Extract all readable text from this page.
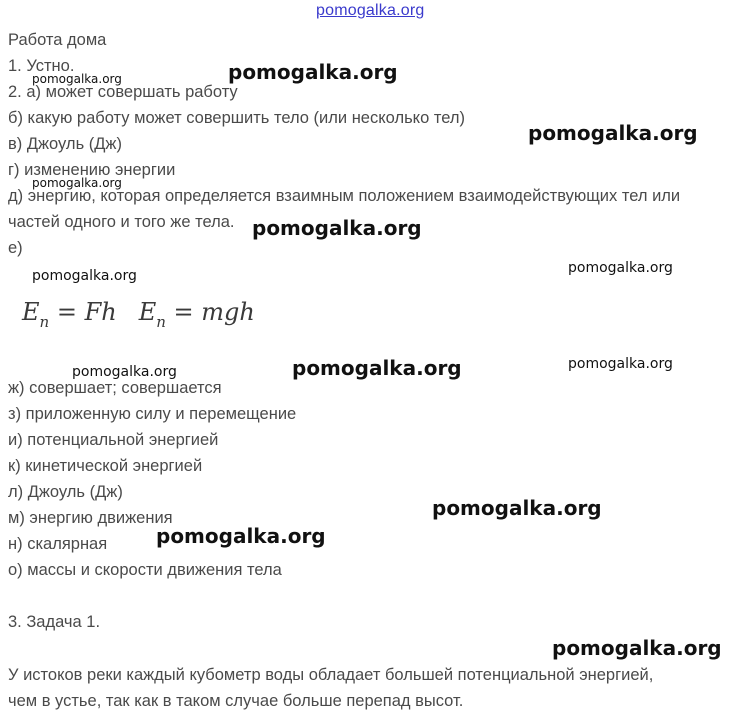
pomogalka.org
Работа дома
1. Устно.
2. а) может совершать работу
б) какую работу может совершить тело (или несколько тел)
в) Джоуль (Дж)
г) изменению энергии
д) энергию, которая определяется взаимным положением взаимодействующих тел или
частей одного и того же тела.
е)
$E_n = Fh$ $E_n$ = mgh
ж) совершает; совершается
з) приложенную силу и перемещение
и) потенциальной энергией
к) кинетической энергией
л) Джоуль (Дж)
м) энергию движения
н) скалярная
о) массы и скорости движения тела
3. Задача 1.
У истоков реки каждый кубометр воды обладает большей потенциальной энергией,
чем в устье, так как в таком случае больше перепад высот.
pomogalka.org
pomogalka.org
pomogalka.org
pomogalka.org
pomogalka.org
pomogalka.org	pomogalka.org
pomogalka.org	pomogalka.org	pomogalka.org
pomogalka.org
pomogalka.org
pomogalka.org
